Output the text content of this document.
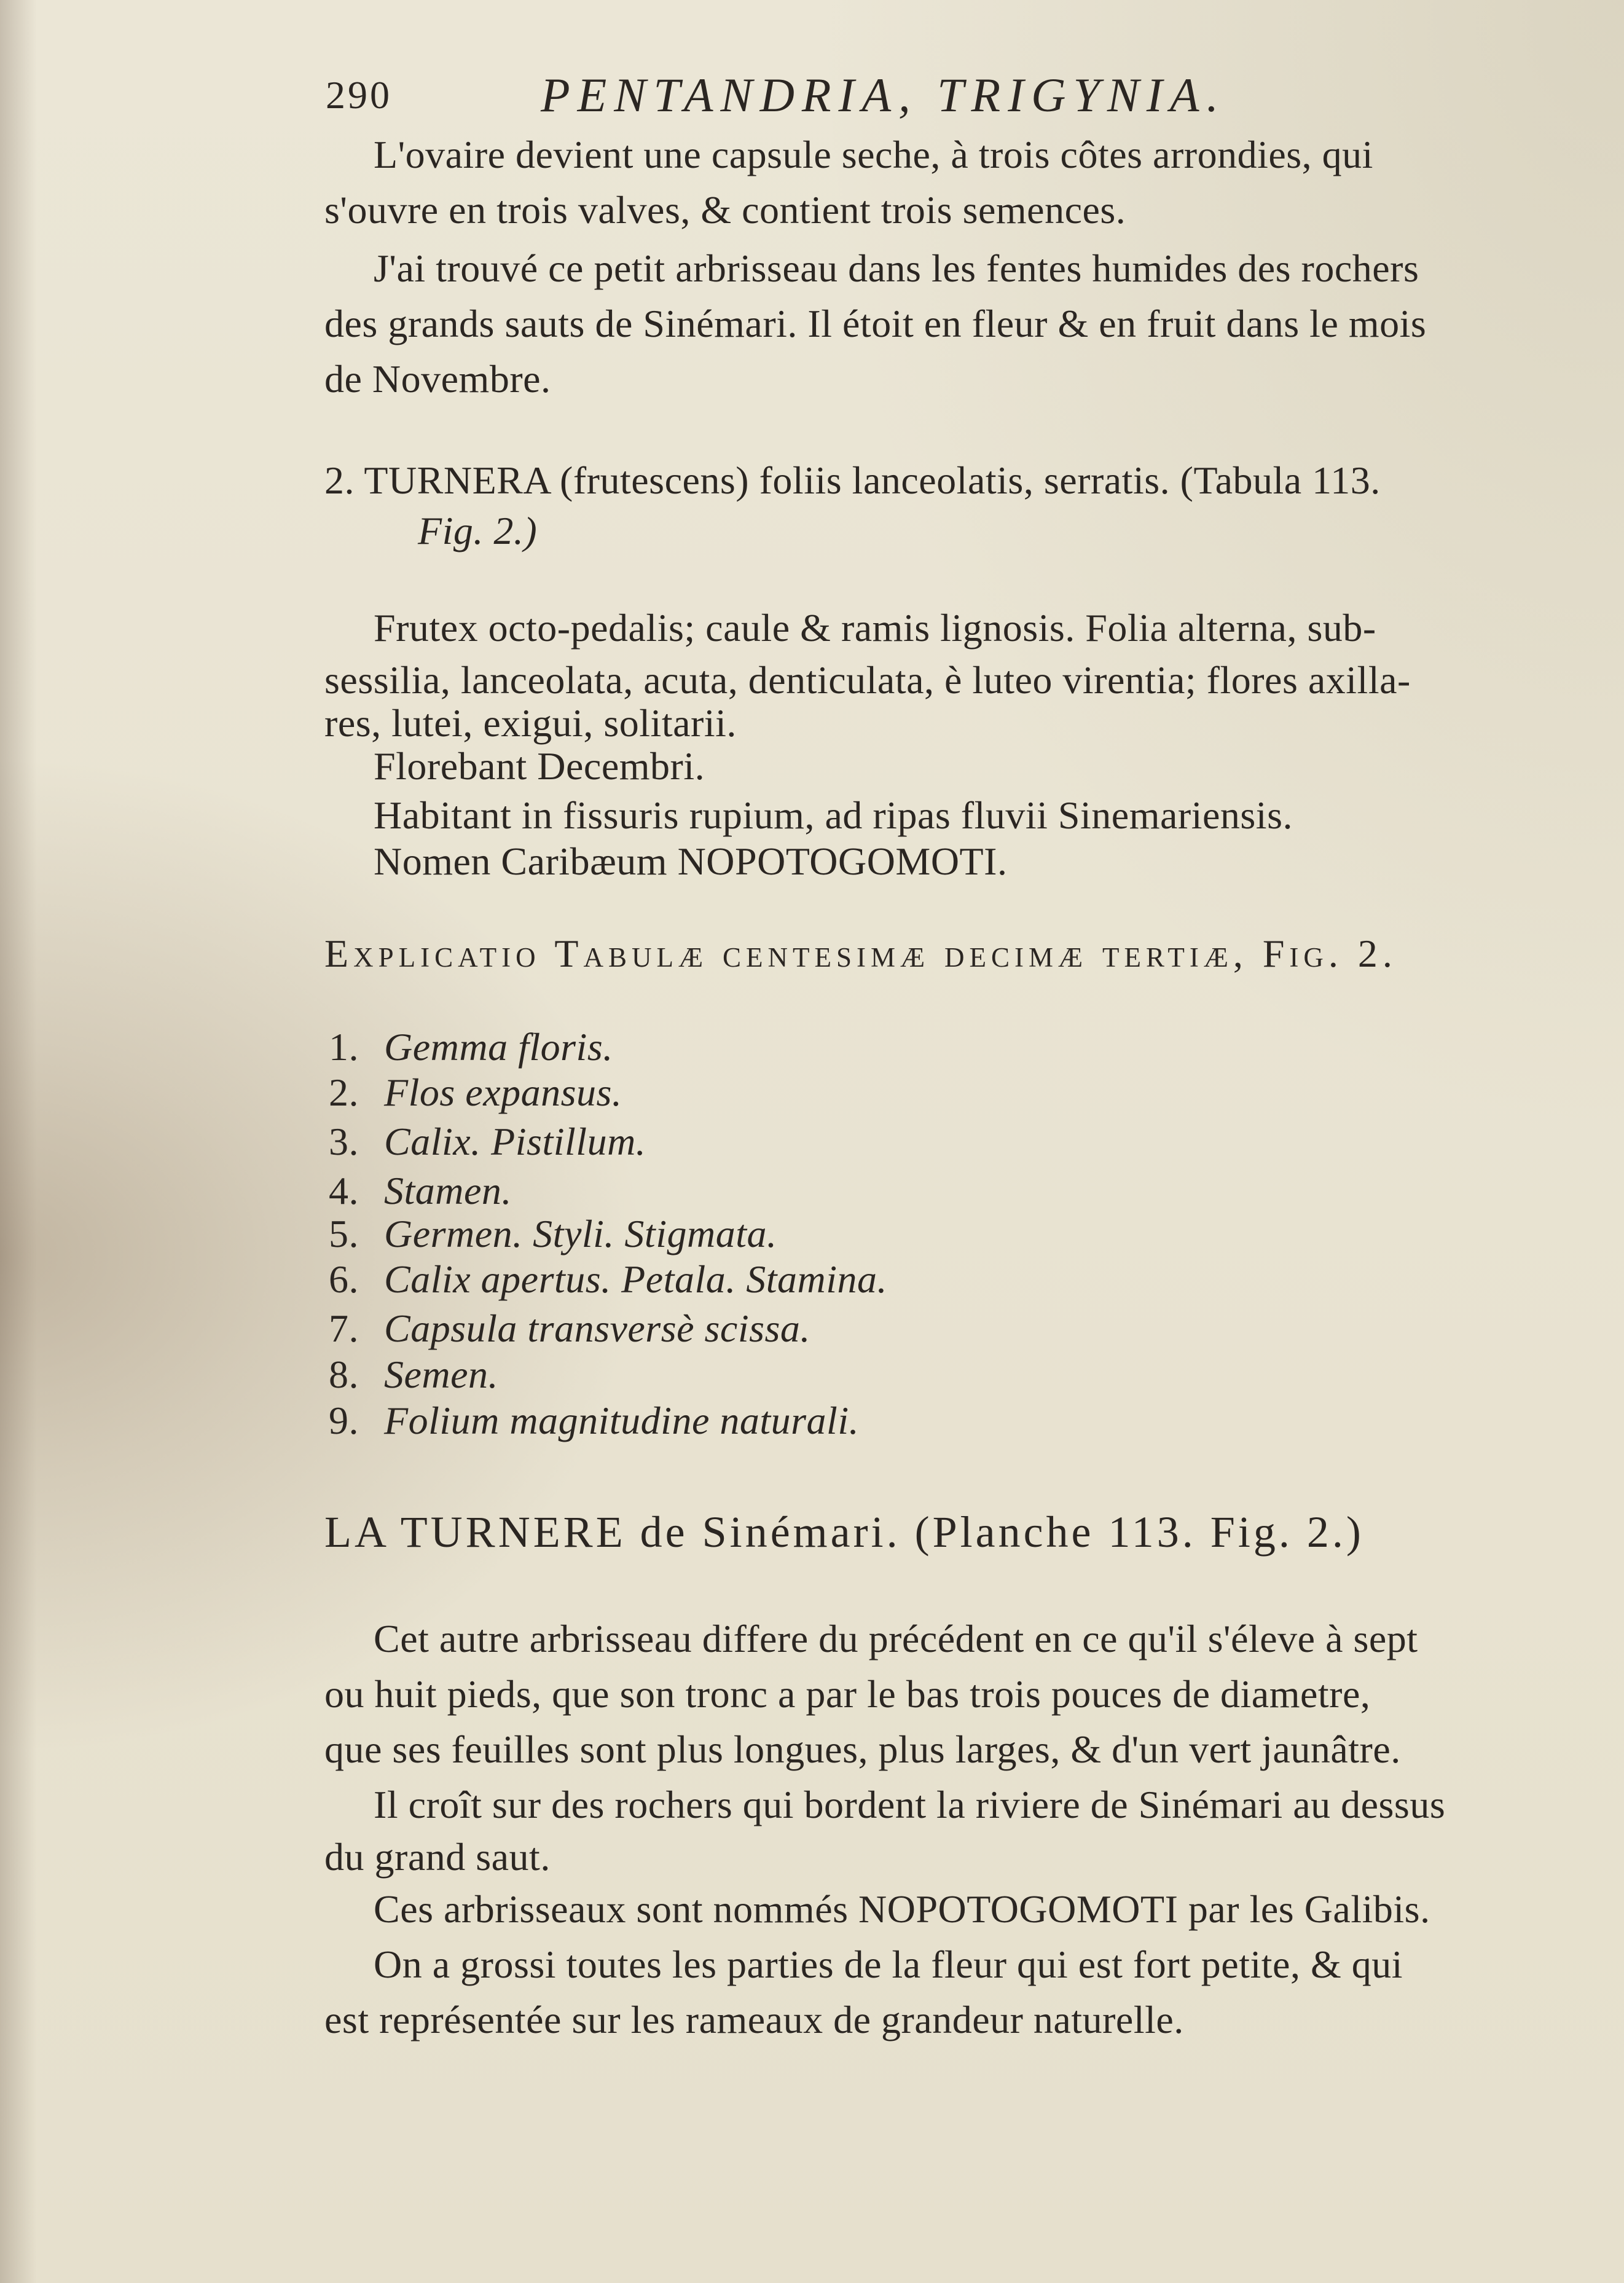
290	PENTANDRIA, TRIGYNIA.
L'ovaire devient une capsule seche, à trois côtes arrondies, qui
s'ouvre en trois valves, & contient trois semences.
J'ai trouvé ce petit arbrisseau dans les fentes humides des rochers
des grands sauts de Sinémari. Il étoit en fleur & en fruit dans le mois
de Novembre.
2. TURNERA (frutescens) foliis lanceolatis, serratis. (Tabula 113.
Fig. 2.)
Frutex octo-pedalis; caule & ramis lignosis. Folia alterna, sub-
sessilia, lanceolata, acuta, denticulata, è luteo virentia; flores axilla-
res, lutei, exigui, solitarii.
Florebant Decembri.
Habitant in fissuris rupium, ad ripas fluvii Sinemariensis.
Nomen Caribæum NOPOTOGOMOTI.
Explicatio Tabulæ centesimæ decimæ tertiæ, Fig. 2.
1. Gemma floris.
2. Flos expansus.
3. Calix. Pistillum.
4. Stamen.
5. Germen. Styli. Stigmata.
6. Calix apertus. Petala. Stamina.
7. Capsula transversè scissa.
8. Semen.
9. Folium magnitudine naturali.
LA TURNERE de Sinémari. (Planche 113. Fig. 2.)
Cet autre arbrisseau differe du précédent en ce qu'il s'éleve à sept
ou huit pieds, que son tronc a par le bas trois pouces de diametre,
que ses feuilles sont plus longues, plus larges, & d'un vert jaunâtre.
Il croît sur des rochers qui bordent la riviere de Sinémari au dessus
du grand saut.
Ces arbrisseaux sont nommés NOPOTOGOMOTI par les Galibis.
On a grossi toutes les parties de la fleur qui est fort petite, & qui
est représentée sur les rameaux de grandeur naturelle.
